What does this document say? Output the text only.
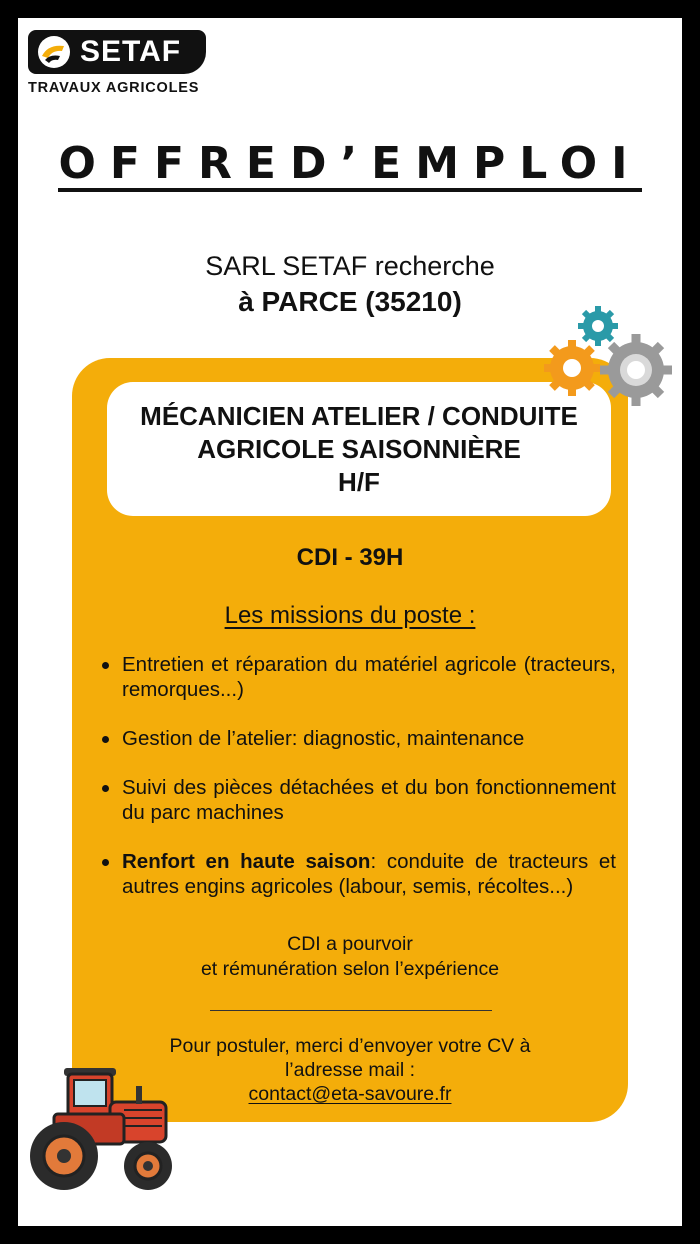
SETAF
TRAVAUX AGRICOLES
OFFRED’EMPLOI
SARL SETAF recherche
à PARCE (35210)
MÉCANICIEN ATELIER / CONDUITE
AGRICOLE SAISONNIÈRE
H/F
CDI - 39H
Les missions du poste :
Entretien et réparation du matériel agricole (tracteurs, remorques...)
Gestion de l’atelier: diagnostic, maintenance
Suivi des pièces détachées et du bon fonctionnement du parc machines
Renfort en haute saison: conduite de tracteurs et autres engins agricoles (labour, semis, récoltes...)
CDI a pourvoir
et rémunération selon l’expérience
Pour postuler, merci d’envoyer votre CV à
l’adresse mail :
contact@eta-savoure.fr
